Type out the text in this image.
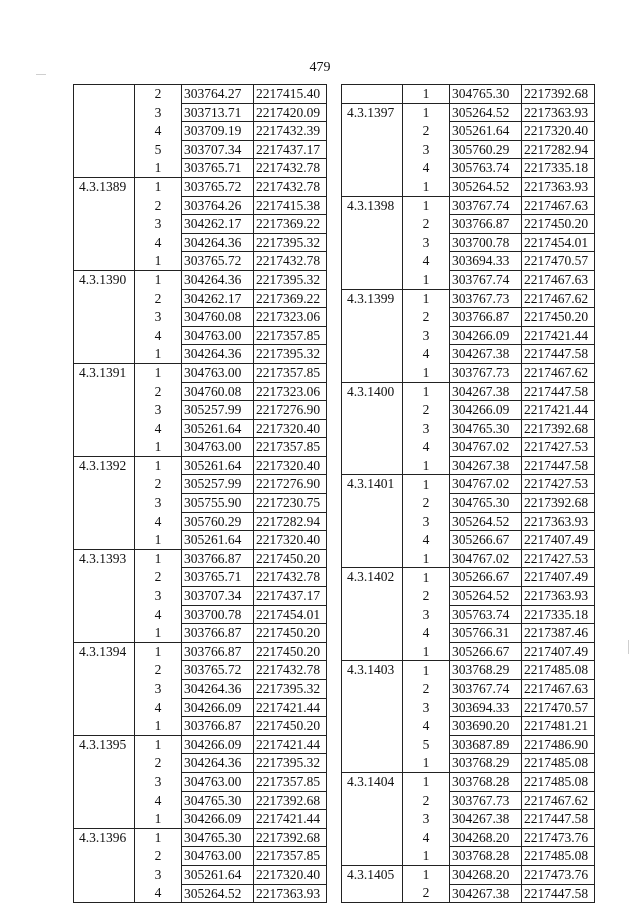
479
	2	303764.27	2217415.40
	3	303713.71	2217420.09
	4	303709.19	2217432.39
	5	303707.34	2217437.17
	1	303765.71	2217432.78
4.3.1389	1	303765.72	2217432.78
	2	303764.26	2217415.38
	3	304262.17	2217369.22
	4	304264.36	2217395.32
	1	303765.72	2217432.78
4.3.1390	1	304264.36	2217395.32
	2	304262.17	2217369.22
	3	304760.08	2217323.06
	4	304763.00	2217357.85
	1	304264.36	2217395.32
4.3.1391	1	304763.00	2217357.85
	2	304760.08	2217323.06
	3	305257.99	2217276.90
	4	305261.64	2217320.40
	1	304763.00	2217357.85
4.3.1392	1	305261.64	2217320.40
	2	305257.99	2217276.90
	3	305755.90	2217230.75
	4	305760.29	2217282.94
	1	305261.64	2217320.40
4.3.1393	1	303766.87	2217450.20
	2	303765.71	2217432.78
	3	303707.34	2217437.17
	4	303700.78	2217454.01
	1	303766.87	2217450.20
4.3.1394	1	303766.87	2217450.20
	2	303765.72	2217432.78
	3	304264.36	2217395.32
	4	304266.09	2217421.44
	1	303766.87	2217450.20
4.3.1395	1	304266.09	2217421.44
	2	304264.36	2217395.32
	3	304763.00	2217357.85
	4	304765.30	2217392.68
	1	304266.09	2217421.44
4.3.1396	1	304765.30	2217392.68
	2	304763.00	2217357.85
	3	305261.64	2217320.40
	4	305264.52	2217363.93
	1	304765.30	2217392.68
4.3.1397	1	305264.52	2217363.93
	2	305261.64	2217320.40
	3	305760.29	2217282.94
	4	305763.74	2217335.18
	1	305264.52	2217363.93
4.3.1398	1	303767.74	2217467.63
	2	303766.87	2217450.20
	3	303700.78	2217454.01
	4	303694.33	2217470.57
	1	303767.74	2217467.63
4.3.1399	1	303767.73	2217467.62
	2	303766.87	2217450.20
	3	304266.09	2217421.44
	4	304267.38	2217447.58
	1	303767.73	2217467.62
4.3.1400	1	304267.38	2217447.58
	2	304266.09	2217421.44
	3	304765.30	2217392.68
	4	304767.02	2217427.53
	1	304267.38	2217447.58
4.3.1401	1	304767.02	2217427.53
	2	304765.30	2217392.68
	3	305264.52	2217363.93
	4	305266.67	2217407.49
	1	304767.02	2217427.53
4.3.1402	1	305266.67	2217407.49
	2	305264.52	2217363.93
	3	305763.74	2217335.18
	4	305766.31	2217387.46
	1	305266.67	2217407.49
4.3.1403	1	303768.29	2217485.08
	2	303767.74	2217467.63
	3	303694.33	2217470.57
	4	303690.20	2217481.21
	5	303687.89	2217486.90
	1	303768.29	2217485.08
4.3.1404	1	303768.28	2217485.08
	2	303767.73	2217467.62
	3	304267.38	2217447.58
	4	304268.20	2217473.76
	1	303768.28	2217485.08
4.3.1405	1	304268.20	2217473.76
	2	304267.38	2217447.58
